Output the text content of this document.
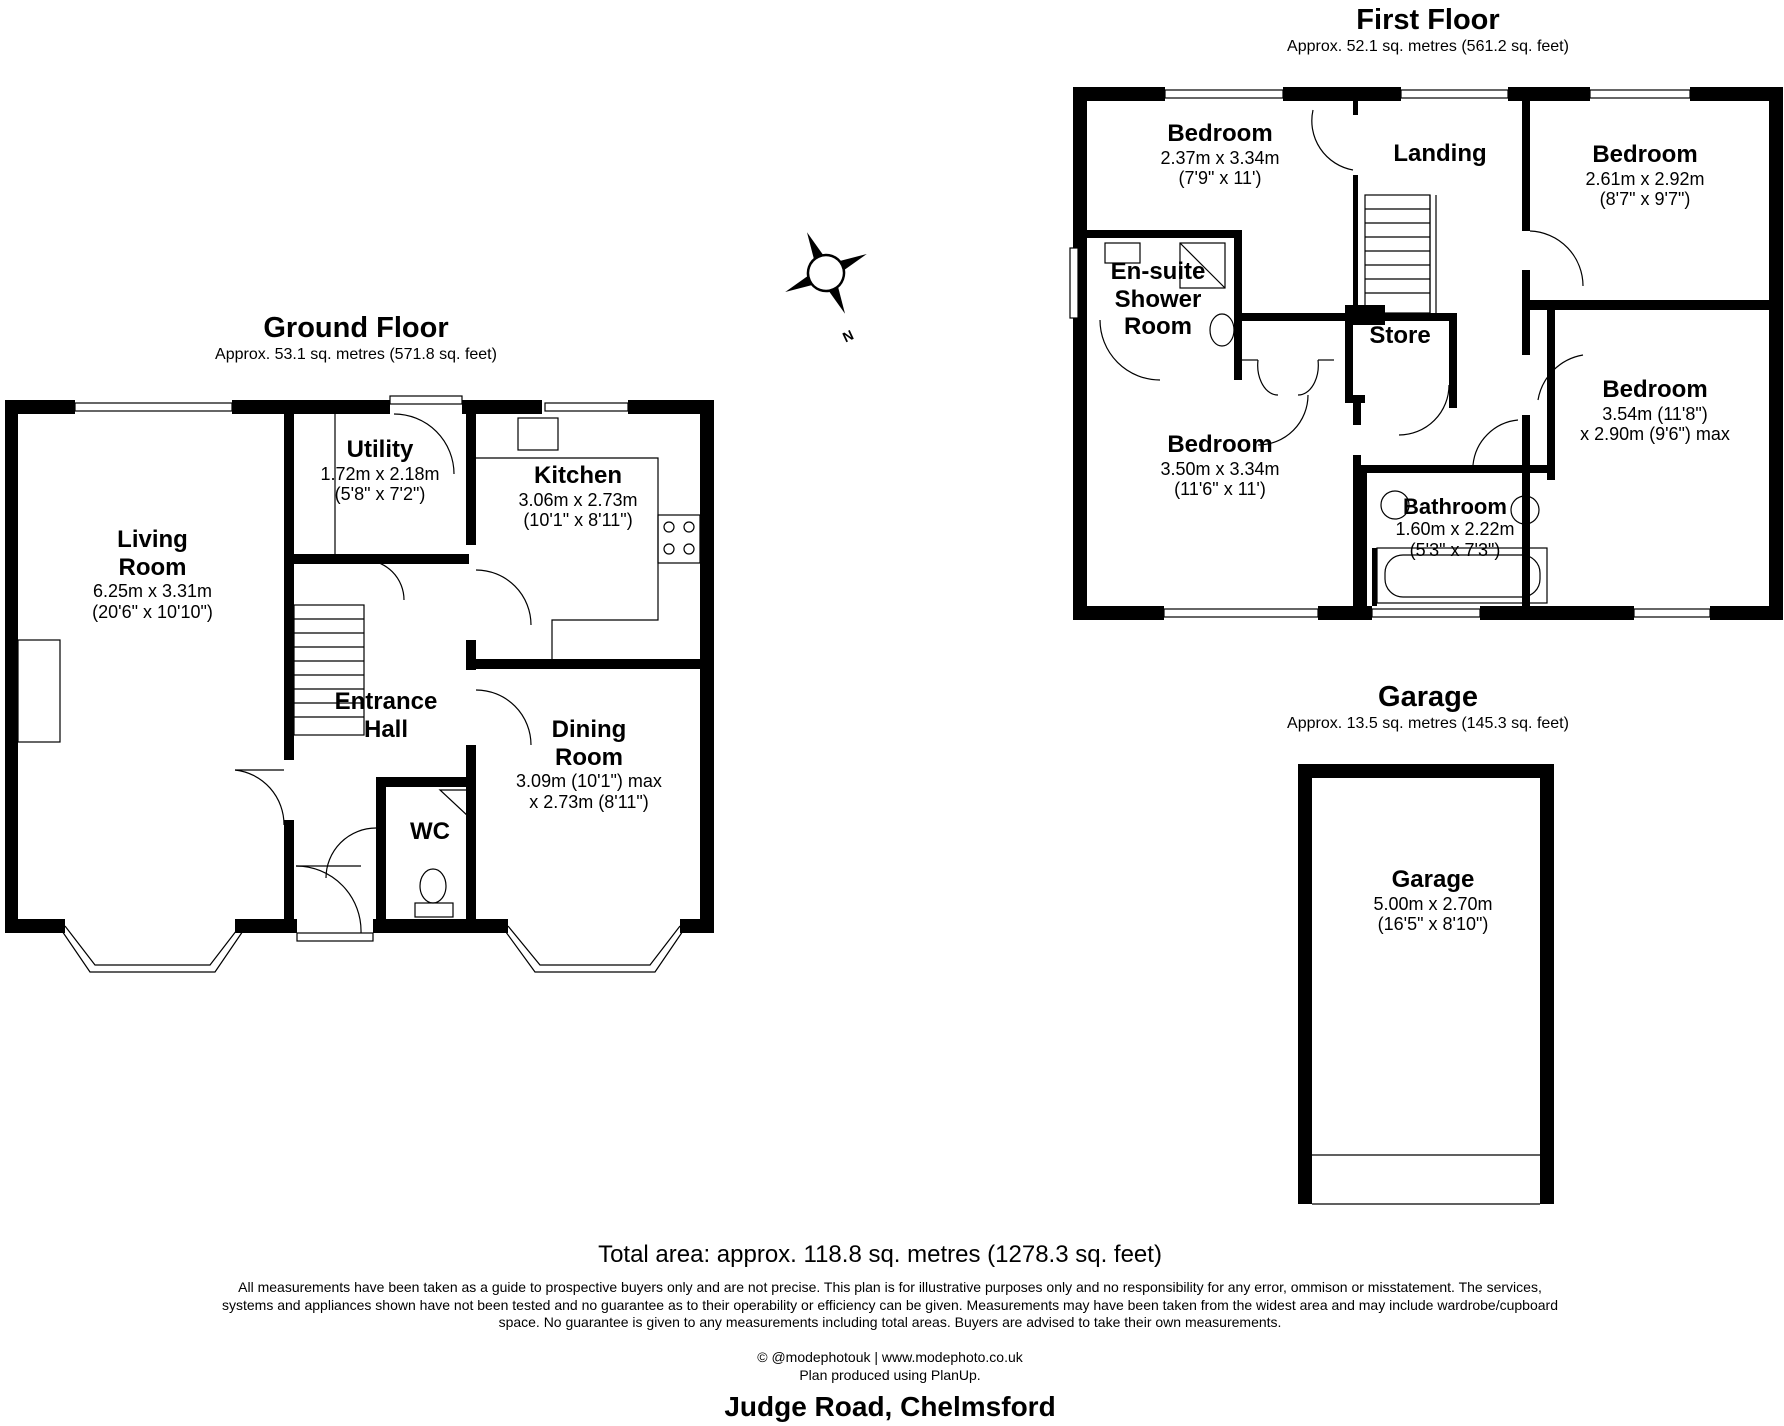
Ground Floor
Approx. 53.1 sq. metres (571.8 sq. feet)
First Floor
Approx. 52.1 sq. metres (561.2 sq. feet)
Garage
Approx. 13.5 sq. metres (145.3 sq. feet)
N
Living
Room
6.25m x 3.31m
(20'6" x 10'10")
Utility
1.72m x 2.18m
(5'8" x 7'2")
Kitchen
3.06m x 2.73m
(10'1" x 8'11")
Entrance
Hall	Dining
Room
3.09m (10'1") max
x 2.73m (8'11")
WC
Bedroom
2.37m x 3.34m
(7'9" x 11')
Landing	Bedroom
2.61m x 2.92m
(8'7" x 9'7")
En-suite
Shower
Room	Store
Bedroom
3.50m x 3.34m
(11'6" x 11')
Bedroom
3.54m (11'8")
x 2.90m (9'6") max
Bathroom
1.60m x 2.22m
(5'3" x 7'3")
Garage
5.00m x 2.70m
(16'5" x 8'10")
Total area: approx. 118.8 sq. metres (1278.3 sq. feet)
All measurements have been taken as a guide to prospective buyers only and are not precise. This plan is for illustrative purposes only and no responsibility for any error, ommison or misstatement. The services, systems and appliances shown have not been tested and no guarantee as to their operability or efficiency can be given. Measurements may have been taken from the widest area and may include wardrobe/cupboard space. No guarantee is given to any measurements including total areas. Buyers are advised to take their own measurements.
© @modephotouk | www.modephoto.co.uk
Plan produced using PlanUp.
Judge Road, Chelmsford
